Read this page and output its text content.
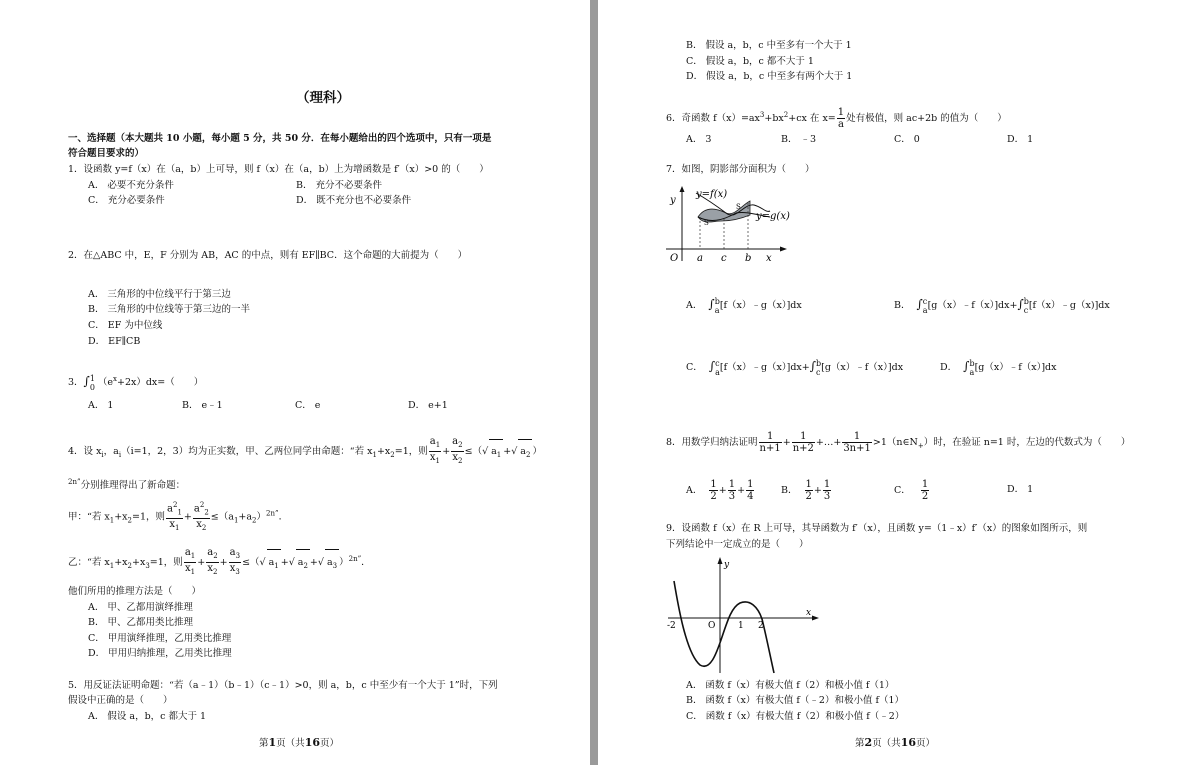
（理科）
一、选择题（本大题共 10 小题，每小题 5 分，共 50 分．在每小题给出的四个选项中，只有一项是
符合题目要求的）
1．设函数 y=f（x）在（a，b）上可导，则 f（x）在（a，b）上为增函数是 f′（x）>0 的（　　）
A． 必要不充分条件	B． 充分不必要条件
C． 充分必要条件	D． 既不充分也不必要条件
2．在△ABC 中，E，F 分别为 AB，AC 的中点，则有 EF∥BC．这个命题的大前提为（　　）
A． 三角形的中位线平行于第三边
B． 三角形的中位线等于第三边的一半
C． EF 为中位线
D． EF∥CB
3．∫ 1
0 $(e^x+2x)dx=$（　　）
A． 1	B． e﹣1	C． e	D． e+1
4．设 $x_i$，$a_i(i=1$，2，3）均为正实数，甲、乙两位同学由命题：“若 $x_1+x_2=1$，则 $\frac{a_1}{x_1} + \frac{a_2}{x_2}$ ≤（√ $a_1$ +√ $a_2$ ）
$^{2n”}$分别推理得出了新命题：
甲：“若 $x_1+x_2=1$，则 $\frac{a^2_1}{x_1} + \frac{a^2_2}{x_2} \le(a_1+a_2)^{2n”}$．
乙：“若 $x_1+x_2+x_3=1$，则 $\frac{a_1}{x_1} + \frac{a_2}{x_2} + \frac{a_3}{x_3}$ ≤（√ $a_1$ +√ $a_2$ +√ $a_3$ ）$^{2n”}$．
他们所用的推理方法是（　　）
A． 甲、乙都用演绎推理
B． 甲、乙都用类比推理
C． 甲用演绎推理，乙用类比推理
D． 甲用归纳推理，乙用类比推理
5．用反证法证明命题：“若（a﹣1）（b﹣1）（c﹣1）>0，则 a，b，c 中至少有一个大于 1”时，下列
假设中正确的是（　　）
A． 假设 a，b，c 都大于 1
第1页（共16页）
B． 假设 a，b，c 中至多有一个大于 1
C． 假设 a，b，c 都不大于 1
D． 假设 a，b，c 中至多有两个大于 1
6．奇函数 $f(x)=ax^3+bx^2+cx$ 在 $x= \frac{1}{a}$ 处有极值，则 ac+2b 的值为（　　）
A． 3	B． ﹣3	C． 0	D． 1
7．如图，阴影部分面积为（　　）
y
y=f(x)
y=g(x)
S
S
O a c b x
A． ∫ b
a [f（x）﹣g（x）]dx	B． ∫ c
a [g（x）﹣f（x）]dx+∫ b
c [f（x）﹣g（x)]dx
C． ∫ c
a [f（x）﹣g（x）]dx+∫ b
c [g（x）﹣f（x）]dx	D． ∫ b
a [g（x）﹣f（x）]dx
8．用数学归纳法证明 $\frac{1}{n+1} + \frac{1}{n+2}$ +…+ $\frac{1}{3n+1}$ $>1(n\in N_+)$时，在验证 n=1 时，左边的代数式为（　　）
A． $\frac{1}{2} + \frac{1}{3} + \frac{1}{4}$	B． $\frac{1}{2} + \frac{1}{3}$	C． $\frac{1}{2}$	D． 1
9．设函数 f（x）在 R 上可导，其导函数为 f′（x），且函数 y=（1﹣x）f′（x）的图象如图所示，则
下列结论中一定成立的是（　　）
y
x
-2	O	1 2
A． 函数 f（x）有极大值 f（2）和极小值 f（1）
B． 函数 f（x）有极大值 f（﹣2）和极小值 f（1）
C． 函数 f（x）有极大值 f（2）和极小值 f（﹣2）
第2页（共16页）
